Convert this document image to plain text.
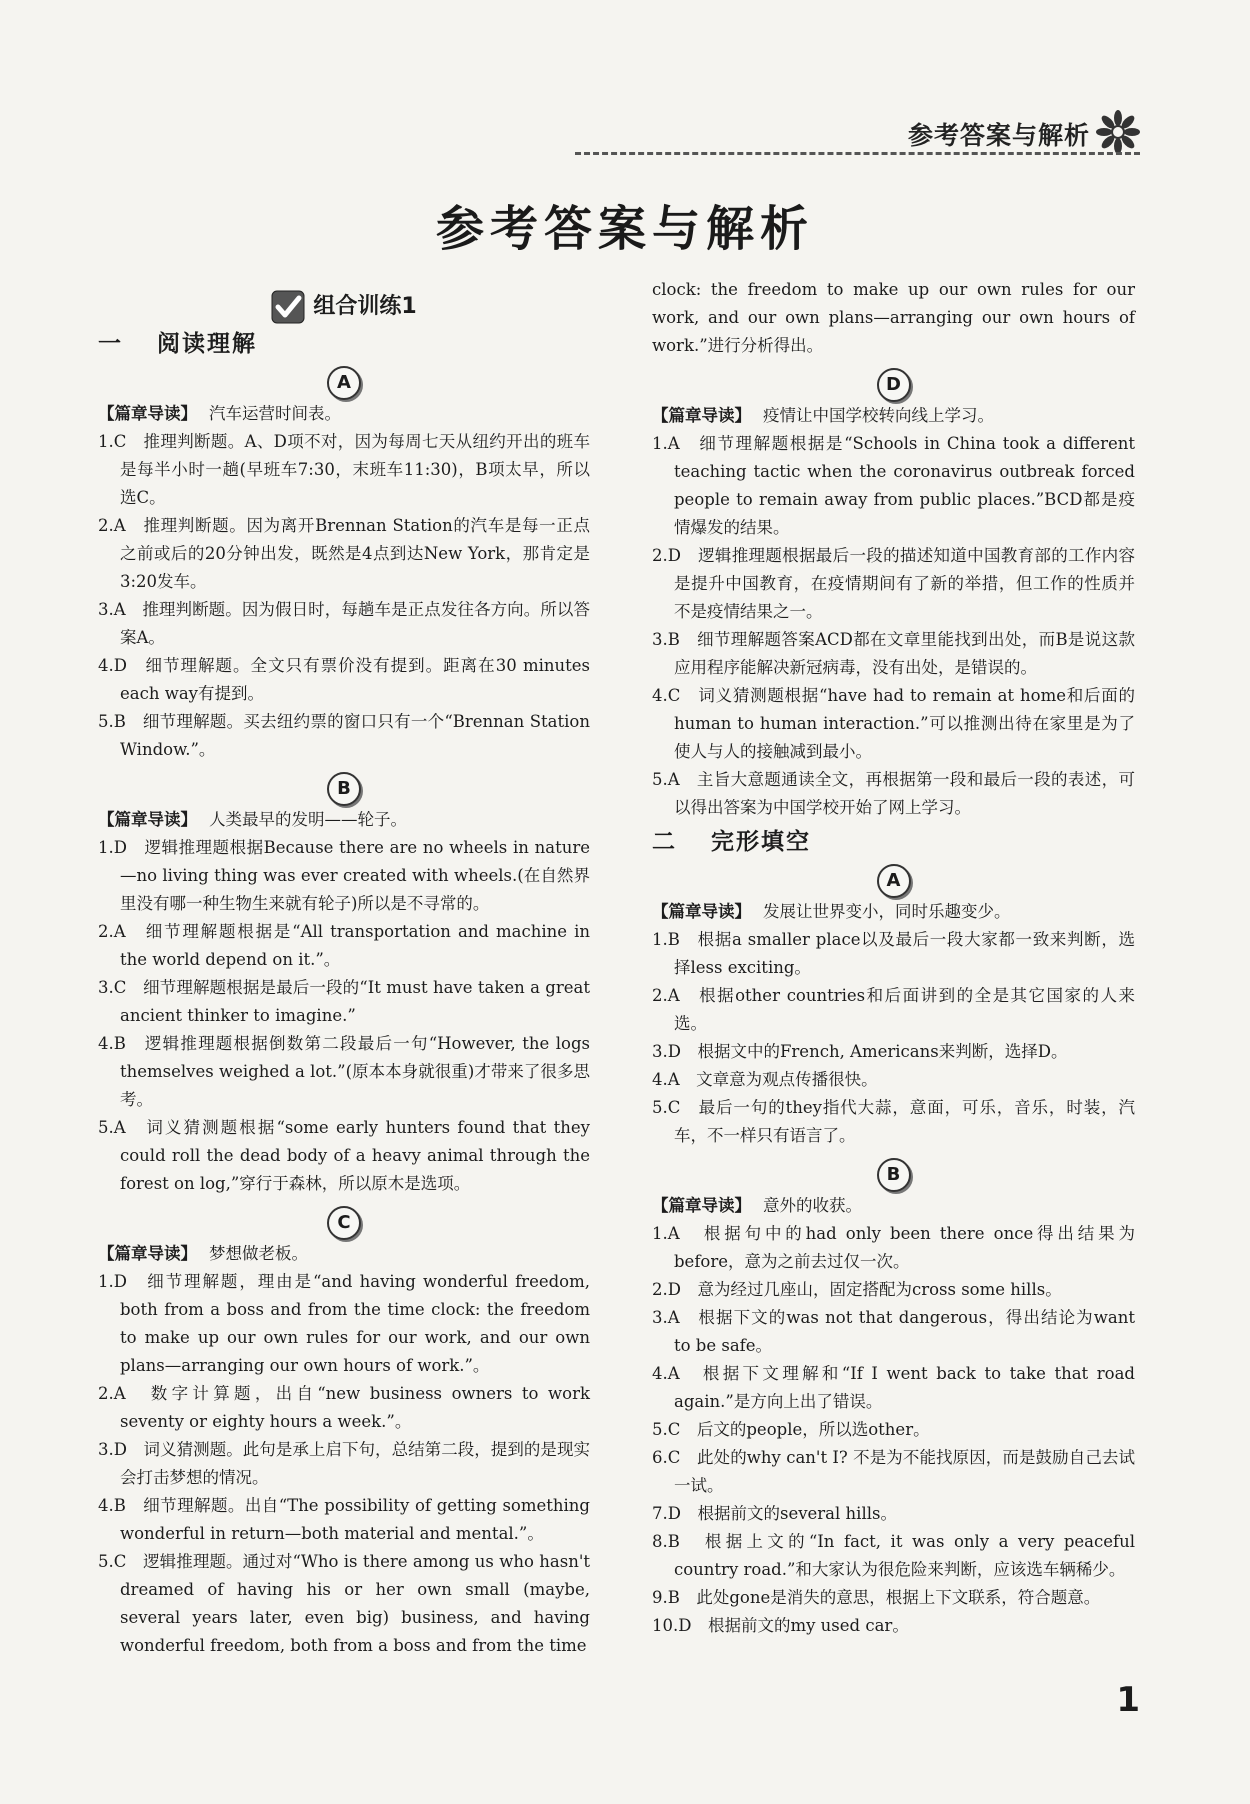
参考答案与解析
参考答案与解析
组合训练1
一 阅读理解
A

【篇章导读】 汽车运营时间表。

1.C　推理判断题。A、D项不对，因为每周七天从纽约开出的班车是每半小时一趟(早班车7:30，末班车11:30)，B项太早，所以选C。

2.A　推理判断题。因为离开Brennan Station的汽车是每一正点之前或后的20分钟出发，既然是4点到达New York，那肯定是3:20发车。

3.A　推理判断题。因为假日时，每趟车是正点发往各方向。所以答案A。

4.D　细节理解题。全文只有票价没有提到。距离在30 minutes each way有提到。

5.B　细节理解题。买去纽约票的窗口只有一个“Brennan Station Window.”。

B

【篇章导读】 人类最早的发明——轮子。

1.D　逻辑推理题根据Because there are no wheels in nature—no living thing was ever created with wheels.(在自然界里没有哪一种生物生来就有轮子)所以是不寻常的。

2.A　细节理解题根据是“All transportation and machine in the world depend on it.”。

3.C　细节理解题根据是最后一段的“It must have taken a great ancient thinker to imagine.”

4.B　逻辑推理题根据倒数第二段最后一句“However, the logs themselves weighed a lot.”(原本本身就很重)才带来了很多思考。

5.A　词义猜测题根据“some early hunters found that they could roll the dead body of a heavy animal through the forest on log,”穿行于森林，所以原木是选项。

C

【篇章导读】 梦想做老板。

1.D　细节理解题，理由是“and having wonderful freedom, both from a boss and from the time clock: the freedom to make up our own rules for our work, and our own plans—arranging our own hours of work.”。

2.A　数字计算题，出自“new business owners to work seventy or eighty hours a week.”。

3.D　词义猜测题。此句是承上启下句，总结第二段，提到的是现实会打击梦想的情况。

4.B　细节理解题。出自“The possibility of getting something wonderful in return—both material and mental.”。

5.C　逻辑推理题。通过对“Who is there among us who hasn't dreamed of having his or her own small (maybe, several years later, even big) business, and having wonderful freedom, both from a boss and from the time

clock: the freedom to make up our own rules for our work, and our own plans—arranging our own hours of work.”进行分析得出。

D

【篇章导读】 疫情让中国学校转向线上学习。

1.A　细节理解题根据是“Schools in China took a different teaching tactic when the coronavirus outbreak forced people to remain away from public places.”BCD都是疫情爆发的结果。

2.D　逻辑推理题根据最后一段的描述知道中国教育部的工作内容是提升中国教育，在疫情期间有了新的举措，但工作的性质并不是疫情结果之一。

3.B　细节理解题答案ACD都在文章里能找到出处，而B是说这款应用程序能解决新冠病毒，没有出处，是错误的。

4.C　词义猜测题根据“have had to remain at home和后面的human to human interaction.”可以推测出待在家里是为了使人与人的接触减到最小。

5.A　主旨大意题通读全文，再根据第一段和最后一段的表述，可以得出答案为中国学校开始了网上学习。

二 完形填空
A

【篇章导读】 发展让世界变小，同时乐趣变少。

1.B　根据a smaller place以及最后一段大家都一致来判断，选择less exciting。

2.A　根据other countries和后面讲到的全是其它国家的人来选。

3.D　根据文中的French, Americans来判断，选择D。

4.A　文章意为观点传播很快。

5.C　最后一句的they指代大蒜，意面，可乐，音乐，时装，汽车，不一样只有语言了。

B

【篇章导读】 意外的收获。

1.A　根据句中的had only been there once得出结果为before，意为之前去过仅一次。

2.D　意为经过几座山，固定搭配为cross some hills。

3.A　根据下文的was not that dangerous，得出结论为want to be safe。

4.A　根据下文理解和“If I went back to take that road again.”是方向上出了错误。

5.C　后文的people，所以选other。

6.C　此处的why can't I? 不是为不能找原因，而是鼓励自己去试一试。

7.D　根据前文的several hills。

8.B　根据上文的“In fact, it was only a very peaceful country road.”和大家认为很危险来判断，应该选车辆稀少。

9.B　此处gone是消失的意思，根据上下文联系，符合题意。

10.D　根据前文的my used car。

1
